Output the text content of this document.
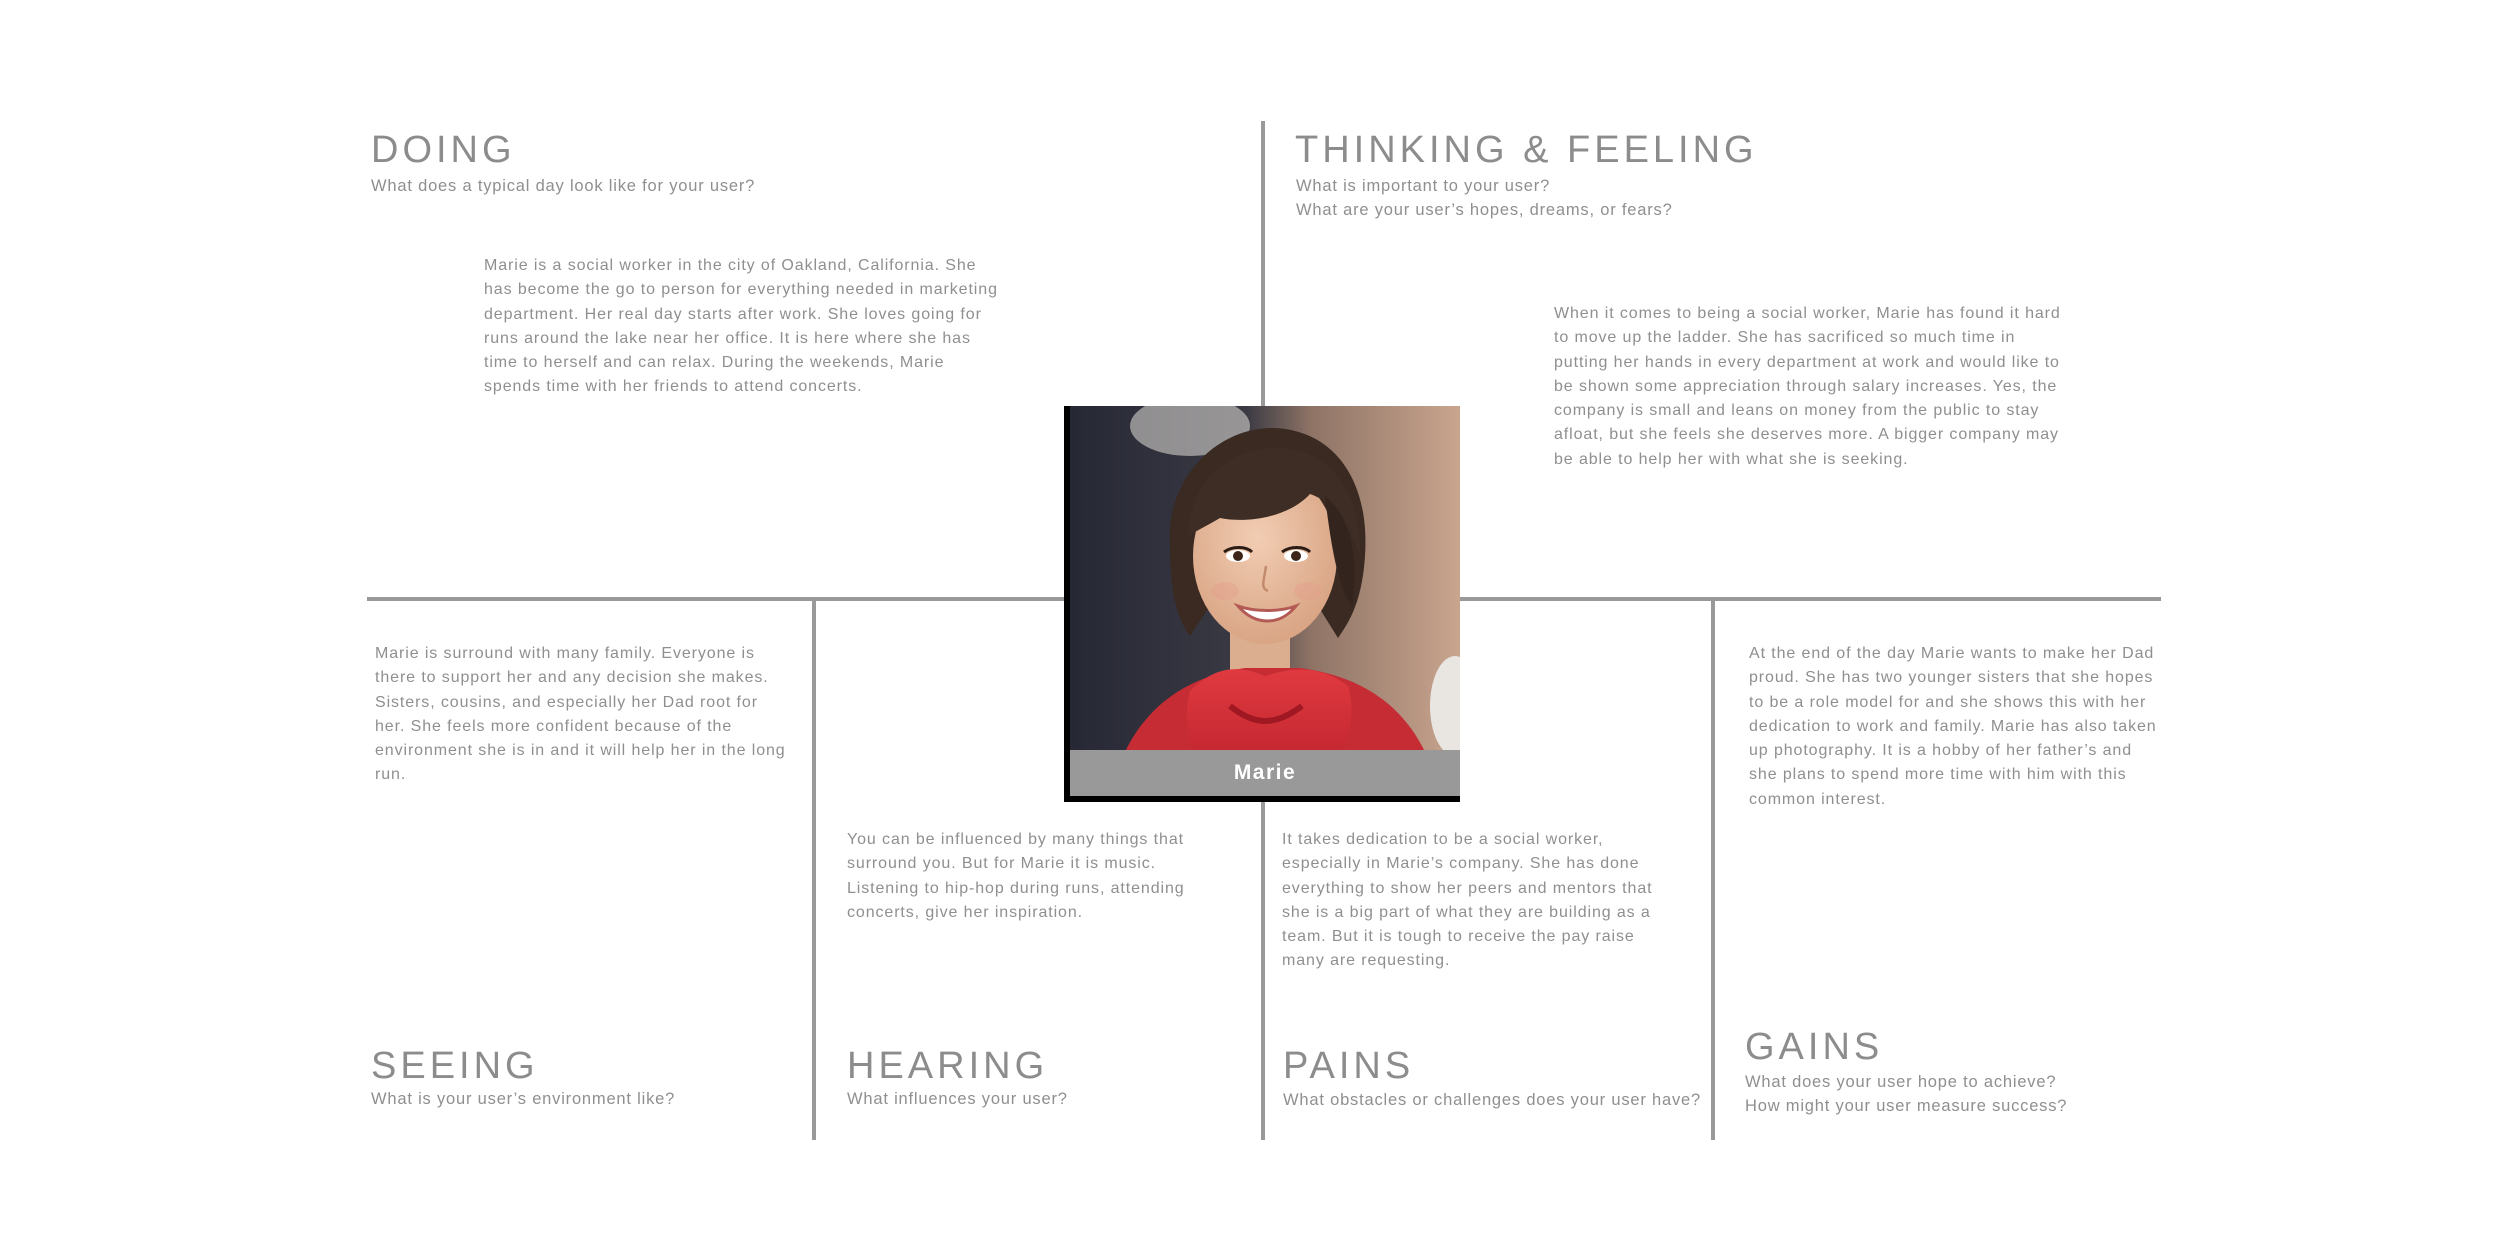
DOING
What does a typical day look like for your user?
Marie is a social worker in the city of Oakland, California. She has become the go to person for everything needed in marketing department. Her real day starts after work. She loves going for runs around the lake near her office. It is here where she has time to herself and can relax. During the weekends, Marie spends time with her friends to attend concerts.
THINKING & FEELING
What is important to your user?
What are your user’s hopes, dreams, or fears?
When it comes to being a social worker, Marie has found it hard to move up the ladder. She has sacrificed so much time in putting her hands in every department at work and would like to be shown some appreciation through salary increases. Yes, the company is small and leans on money from the public to stay afloat, but she feels she deserves more. A bigger company may be able to help her with what she is seeking.
Marie is surround with many family. Everyone is there to support her and any decision she makes. Sisters, cousins, and especially her Dad root for her. She feels more confident because of the environment she is in and it will help her in the long run.
SEEING
What is your user’s environment like?
You can be influenced by many things that surround you. But for Marie it is music. Listening to hip-hop during runs, attending concerts, give her inspiration.
HEARING
What influences your user?
It takes dedication to be a social worker, especially in Marie’s company. She has done everything to show her peers and mentors that she is a big part of what they are building as a team. But it is tough to receive the pay raise many are requesting.
PAINS
What obstacles or challenges does your user have?
At the end of the day Marie wants to make her Dad proud. She has two younger sisters that she hopes to be a role model for and she shows this with her dedication to work and family. Marie has also taken up photography. It is a hobby of her father’s and she plans to spend more time with him with this common interest.
GAINS
What does your user hope to achieve?
How might your user measure success?
Marie
